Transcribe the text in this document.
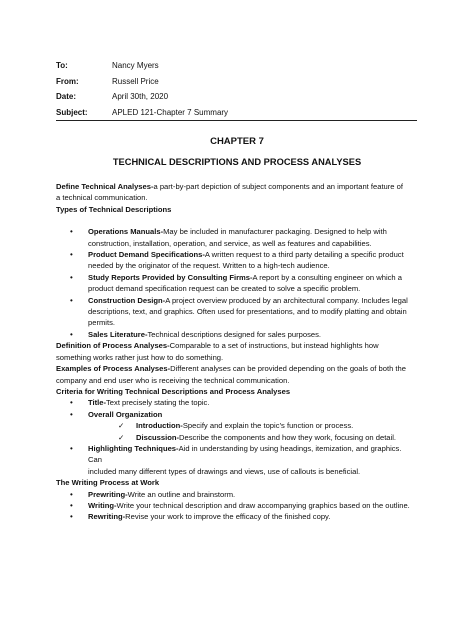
To:	Nancy Myers
From:	Russell Price
Date:	April 30th, 2020
Subject:	APLED 121-Chapter 7 Summary
CHAPTER 7
TECHNICAL DESCRIPTIONS AND PROCESS ANALYSES

Define Technical Analyses-a part-by-part depiction of subject components and an important feature of
a technical communication.

Types of Technical Descriptions

• Operations Manuals-May be included in manufacturer packaging. Designed to help with
construction, installation, operation, and service, as well as features and capabilities.
• Product Demand Specifications-A written request to a third party detailing a specific product
needed by the originator of the request. Written to a high-tech audience.
• Study Reports Provided by Consulting Firms-A report by a consulting engineer on which a
product demand specification request can be created to solve a specific problem.
• Construction Design-A project overview produced by an architectural company. Includes legal
descriptions, text, and graphics. Often used for presentations, and to modify platting and obtain
permits.
• Sales Literature-Technical descriptions designed for sales purposes.

Definition of Process Analyses-Comparable to a set of instructions, but instead highlights how
something works rather just how to do something.

Examples of Process Analyses-Different analyses can be provided depending on the goals of both the
company and end user who is receiving the technical communication.

Criteria for Writing Technical Descriptions and Process Analyses

• Title-Text precisely stating the topic.
• Overall Organization
✓ Introduction-Specify and explain the topic’s function or process.
✓ Discussion-Describe the components and how they work, focusing on detail.
• Highlighting Techniques-Aid in understanding by using headings, itemization, and graphics. Can
included many different types of drawings and views, use of callouts is beneficial.

The Writing Process at Work

• Prewriting-Write an outline and brainstorm.
• Writing-Write your technical description and draw accompanying graphics based on the outline.
• Rewriting-Revise your work to improve the efficacy of the finished copy.
